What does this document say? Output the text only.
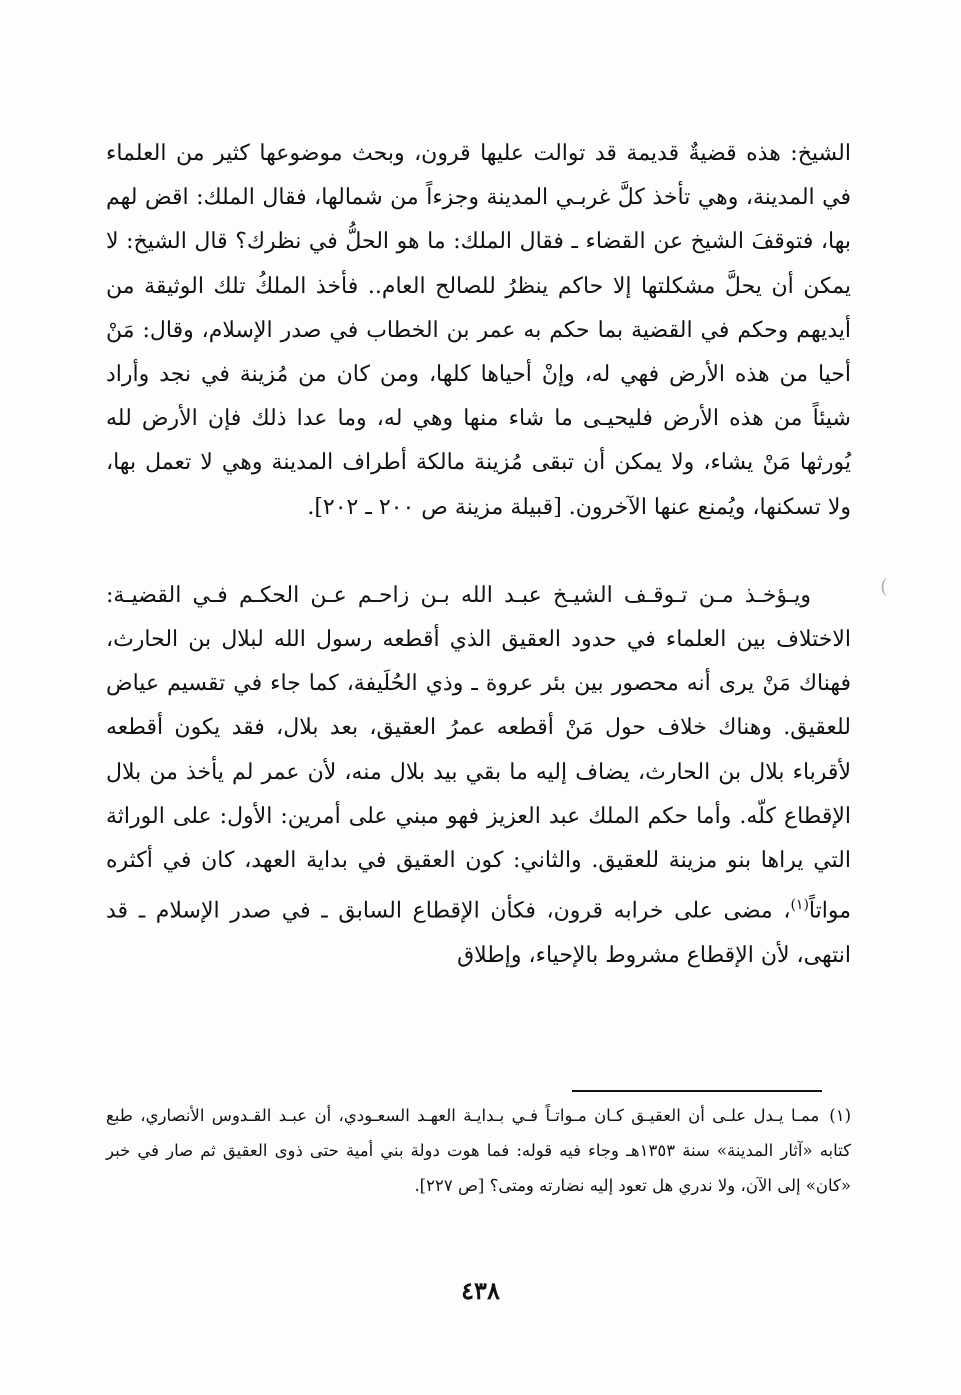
الشيخ: هذه قضيةٌ قديمة قد توالت عليها قرون، وبحث موضوعها كثير من العلماء في المدينة، وهي تأخذ كلَّ غربـي المدينة وجزءاً من شمالها، فقال الملك: اقض لهم بها، فتوقفَ الشيخ عن القضاء ـ فقال الملك: ما هو الحلُّ في نظرك؟ قال الشيخ: لا يمكن أن يحلَّ مشكلتها إلا حاكم ينظرُ للصالح العام.. فأخذ الملكُ تلك الوثيقة من أيديهم وحكم في القضية بما حكم به عمر بن الخطاب في صدر الإسلام، وقال: مَنْ أحيا من هذه الأرض فهي له، وإنْ أحياها كلها، ومن كان من مُزينة في نجد وأراد شيئاً من هذه الأرض فليحيـى ما شاء منها وهي له، وما عدا ذلك فإن الأرض لله يُورثها مَنْ يشاء، ولا يمكن أن تبقى مُزينة مالكة أطراف المدينة وهي لا تعمل بها، ولا تسكنها، ويُمنع عنها الآخرون. [قبيلة مزينة ص ٢٠٠ ـ ٢٠٢].

ويـؤخـذ مـن تـوقـف الشيـخ عبـد الله بـن زاحـم عـن الحكـم فـي القضيـة: الاختلاف بين العلماء في حدود العقيق الذي أقطعه رسول الله لبلال بن الحارث، فهناك مَنْ يرى أنه محصور بين بئر عروة ـ وذي الحُلَيفة، كما جاء في تقسيم عياض للعقيق. وهناك خلاف حول مَنْ أقطعه عمرُ العقيق، بعد بلال، فقد يكون أقطعه لأقرباء بلال بن الحارث، يضاف إليه ما بقي بيد بلال منه، لأن عمر لم يأخذ من بلال الإقطاع كلّه. وأما حكم الملك عبد العزيز فهو مبني على أمرين: الأول: على الوراثة التي يراها بنو مزينة للعقيق. والثاني: كون العقيق في بداية العهد، كان في أكثره مواتاً$^{(١)}$، مضى على خرابه قرون، فكأن الإقطاع السابق ـ في صدر الإسلام ـ قد انتهى، لأن الإقطاع مشروط بالإحياء، وإطلاق

(
(١)ممـا يـدل علـى أن العقيـق كـان مـواتـاً فـي بـدايـة العهـد السعـودي، أن عبـد القـدوس الأنصاري، طبع كتابه «آثار المدينة» سنة ١٣٥٣هـ وجاء فيه قوله: فما هوت دولة بني أمية حتى ذوى العقيق ثم صار في خبر «كان» إلى الآن، ولا ندري هل تعود إليه نضارته ومتى؟ [ص ٢٢٧].
٤٣٨
